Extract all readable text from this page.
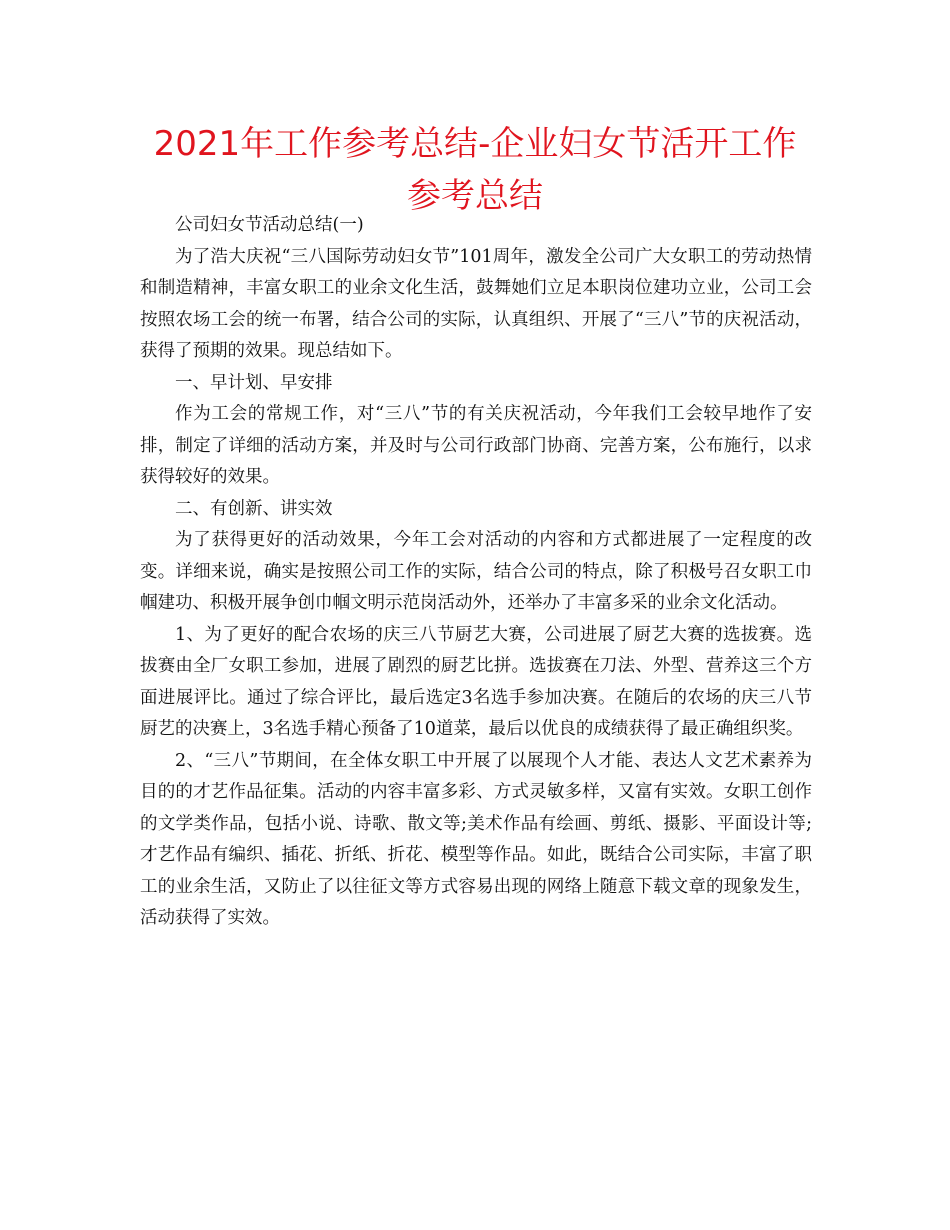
2021年工作参考总结-企业妇女节活开工作参考总结

公司妇女节活动总结(一)

为了浩大庆祝“三八国际劳动妇女节”101周年，激发全公司广大女职工的劳动热情和制造精神，丰富女职工的业余文化生活，鼓舞她们立足本职岗位建功立业，公司工会按照农场工会的统一布署，结合公司的实际，认真组织、开展了“三八”节的庆祝活动，获得了预期的效果。现总结如下。

一、早计划、早安排

作为工会的常规工作，对“三八”节的有关庆祝活动，今年我们工会较早地作了安排，制定了详细的活动方案，并及时与公司行政部门协商、完善方案，公布施行，以求获得较好的效果。

二、有创新、讲实效

为了获得更好的活动效果，今年工会对活动的内容和方式都进展了一定程度的改变。详细来说，确实是按照公司工作的实际，结合公司的特点，除了积极号召女职工巾帼建功、积极开展争创巾帼文明示范岗活动外，还举办了丰富多采的业余文化活动。

1、为了更好的配合农场的庆三八节厨艺大赛，公司进展了厨艺大赛的选拔赛。选拔赛由全厂女职工参加，进展了剧烈的厨艺比拼。选拔赛在刀法、外型、营养这三个方面进展评比。通过了综合评比，最后选定3名选手参加决赛。在随后的农场的庆三八节厨艺的决赛上，3名选手精心预备了10道菜，最后以优良的成绩获得了最正确组织奖。

2、“三八”节期间，在全体女职工中开展了以展现个人才能、表达人文艺术素养为目的的才艺作品征集。活动的内容丰富多彩、方式灵敏多样，又富有实效。女职工创作的文学类作品，包括小说、诗歌、散文等;美术作品有绘画、剪纸、摄影、平面设计等;才艺作品有编织、插花、折纸、折花、模型等作品。如此，既结合公司实际，丰富了职工的业余生活，又防止了以往征文等方式容易出现的网络上随意下载文章的现象发生，活动获得了实效。
